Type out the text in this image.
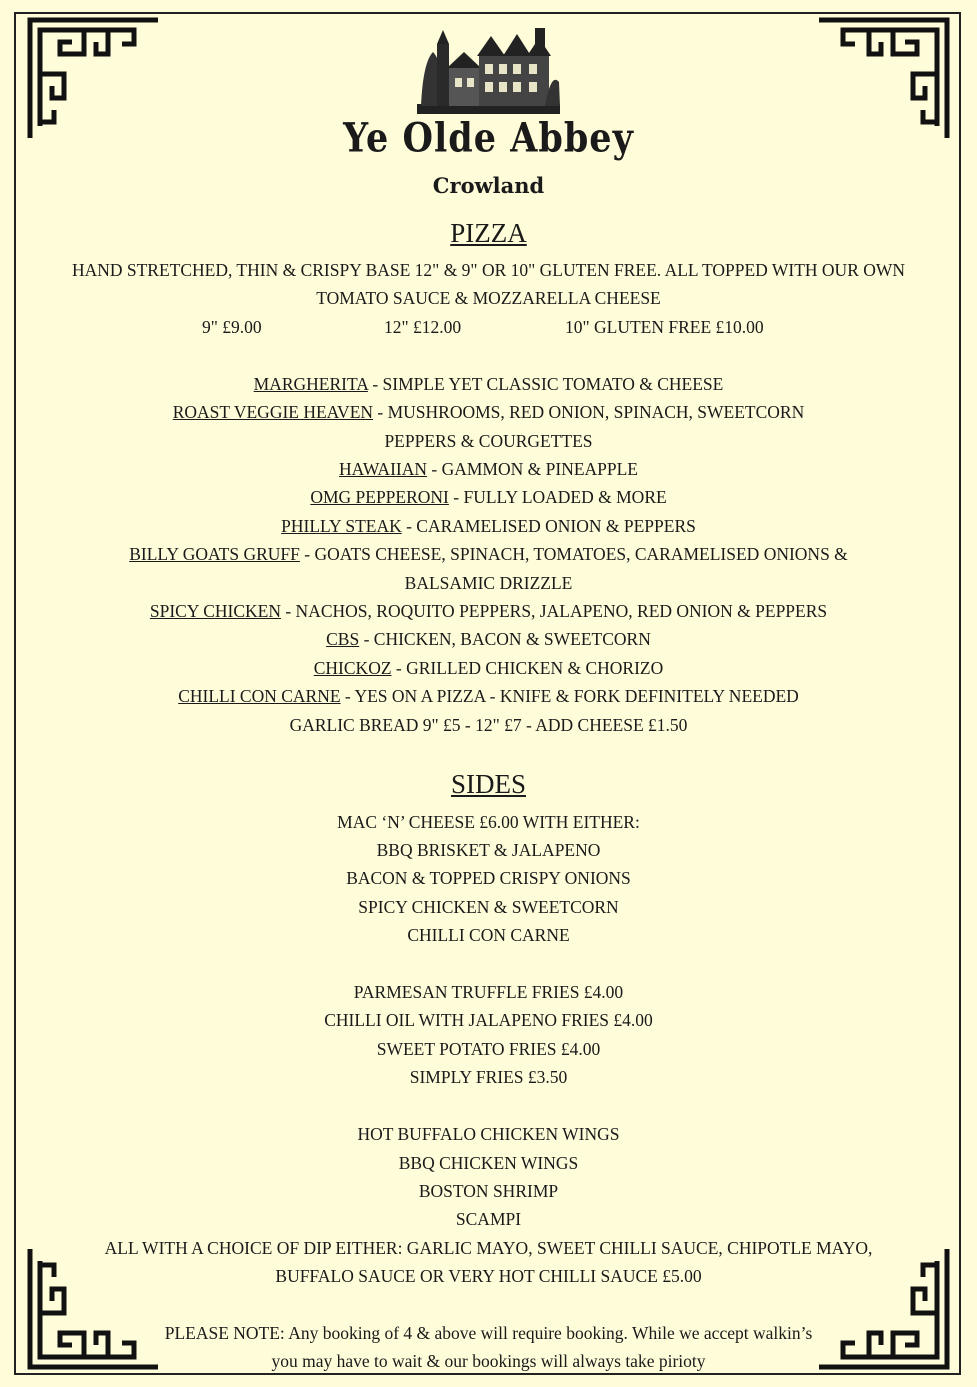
Ye Olde Abbey
Crowland
PIZZA
HAND STRETCHED, THIN & CRISPY BASE 12" & 9" OR 10" GLUTEN FREE. ALL TOPPED WITH OUR OWN
TOMATO SAUCE & MOZZARELLA CHEESE
9" £9.00	12" £12.00	10" GLUTEN FREE £10.00
MARGHERITA - SIMPLE YET CLASSIC TOMATO & CHEESE
ROAST VEGGIE HEAVEN - MUSHROOMS, RED ONION, SPINACH, SWEETCORN
PEPPERS & COURGETTES
HAWAIIAN - GAMMON & PINEAPPLE
OMG PEPPERONI - FULLY LOADED & MORE
PHILLY STEAK - CARAMELISED ONION & PEPPERS
BILLY GOATS GRUFF - GOATS CHEESE, SPINACH, TOMATOES, CARAMELISED ONIONS &
BALSAMIC DRIZZLE
SPICY CHICKEN - NACHOS, ROQUITO PEPPERS, JALAPENO, RED ONION & PEPPERS
CBS - CHICKEN, BACON & SWEETCORN
CHICKOZ - GRILLED CHICKEN & CHORIZO
CHILLI CON CARNE - YES ON A PIZZA - KNIFE & FORK DEFINITELY NEEDED
GARLIC BREAD 9" £5 - 12" £7 - ADD CHEESE £1.50
SIDES
MAC ‘N’ CHEESE £6.00 WITH EITHER:
BBQ BRISKET & JALAPENO
BACON & TOPPED CRISPY ONIONS
SPICY CHICKEN & SWEETCORN
CHILLI CON CARNE
PARMESAN TRUFFLE FRIES £4.00
CHILLI OIL WITH JALAPENO FRIES £4.00
SWEET POTATO FRIES £4.00
SIMPLY FRIES £3.50
HOT BUFFALO CHICKEN WINGS
BBQ CHICKEN WINGS
BOSTON SHRIMP
SCAMPI
ALL WITH A CHOICE OF DIP EITHER: GARLIC MAYO, SWEET CHILLI SAUCE, CHIPOTLE MAYO,
BUFFALO SAUCE OR VERY HOT CHILLI SAUCE £5.00
PLEASE NOTE: Any booking of 4 & above will require booking. While we accept walkin’s
you may have to wait & our bookings will always take pirioty
